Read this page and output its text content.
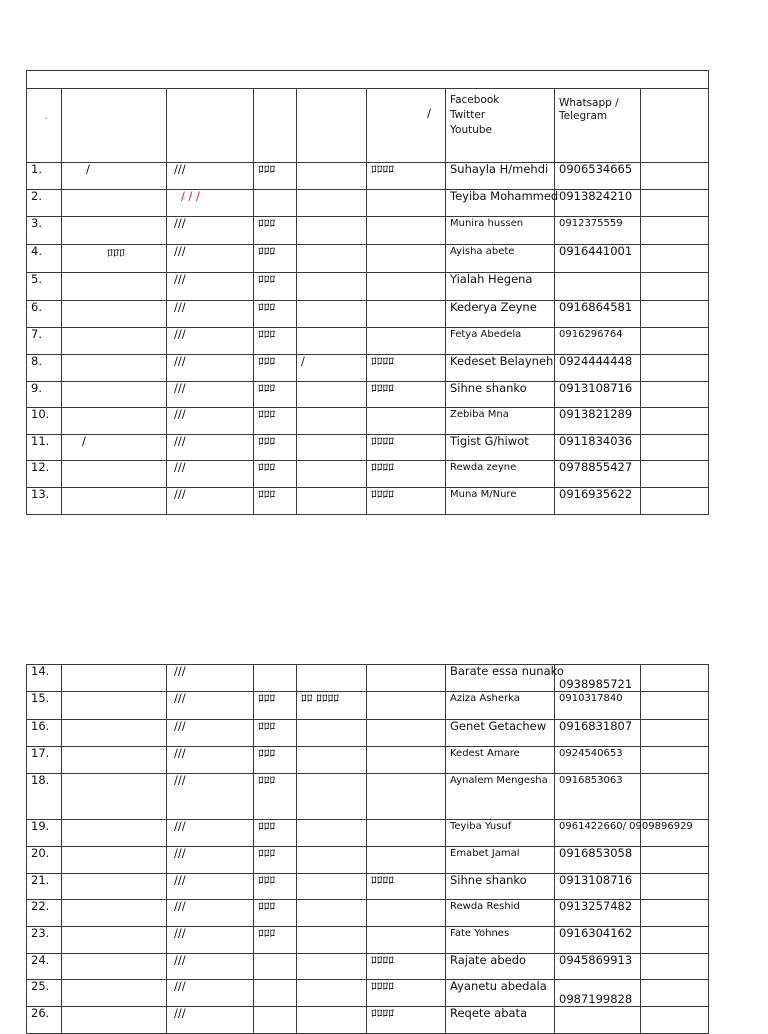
.					/	Facebook
Twitter
Youtube	Whatsapp / Telegram	

1.	/	///	ﾛﾛﾛ		ﾛﾛﾛﾛ	Suhayla H/mehdi	0906534665	
2.		/ / /				Teyiba Mohammed	0913824210	
3.		///	ﾛﾛﾛ			Munira hussen	0912375559	
4.	ﾛﾛﾛ	///	ﾛﾛﾛ			Ayisha abete	0916441001	
5.		///	ﾛﾛﾛ			Yialah Hegena		
6.		///	ﾛﾛﾛ			Kederya Zeyne	0916864581	
7.		///	ﾛﾛﾛ			Fetya Abedela	0916296764	
8.		///	ﾛﾛﾛ	/	ﾛﾛﾛﾛ	Kedeset Belayneh	0924444448	
9.		///	ﾛﾛﾛ		ﾛﾛﾛﾛ	Sihne shanko	0913108716	
10.		///	ﾛﾛﾛ			Zebiba Mna	0913821289	
11.	/	///	ﾛﾛﾛ		ﾛﾛﾛﾛ	Tigist G/hiwot	0911834036	
12.		///	ﾛﾛﾛ		ﾛﾛﾛﾛ	Rewda zeyne	0978855427	
13.		///	ﾛﾛﾛ		ﾛﾛﾛﾛ	Muna M/Nure	0916935622	
14.		///				Barate essa nunako	0938985721	
15.		///	ﾛﾛﾛ	ﾛﾛ ﾛﾛﾛﾛ		Aziza Asherka	0910317840	
16.		///	ﾛﾛﾛ			Genet Getachew	0916831807	
17.		///	ﾛﾛﾛ			Kedest Amare	0924540653	
18.		///	ﾛﾛﾛ			Aynalem Mengesha	0916853063	
19.		///	ﾛﾛﾛ			Teyiba Yusuf	0961422660/ 0909896929	
20.		///	ﾛﾛﾛ			Emabet Jamal	0916853058	
21.		///	ﾛﾛﾛ		ﾛﾛﾛﾛ	Sihne shanko	0913108716	
22.		///	ﾛﾛﾛ			Rewda Reshid	0913257482	
23.		///	ﾛﾛﾛ			Fate Yohnes	0916304162	
24.		///			ﾛﾛﾛﾛ	Rajate abedo	0945869913	
25.		///			ﾛﾛﾛﾛ	Ayanetu abedala	0987199828	
26.		///			ﾛﾛﾛﾛ	Reqete abata		
